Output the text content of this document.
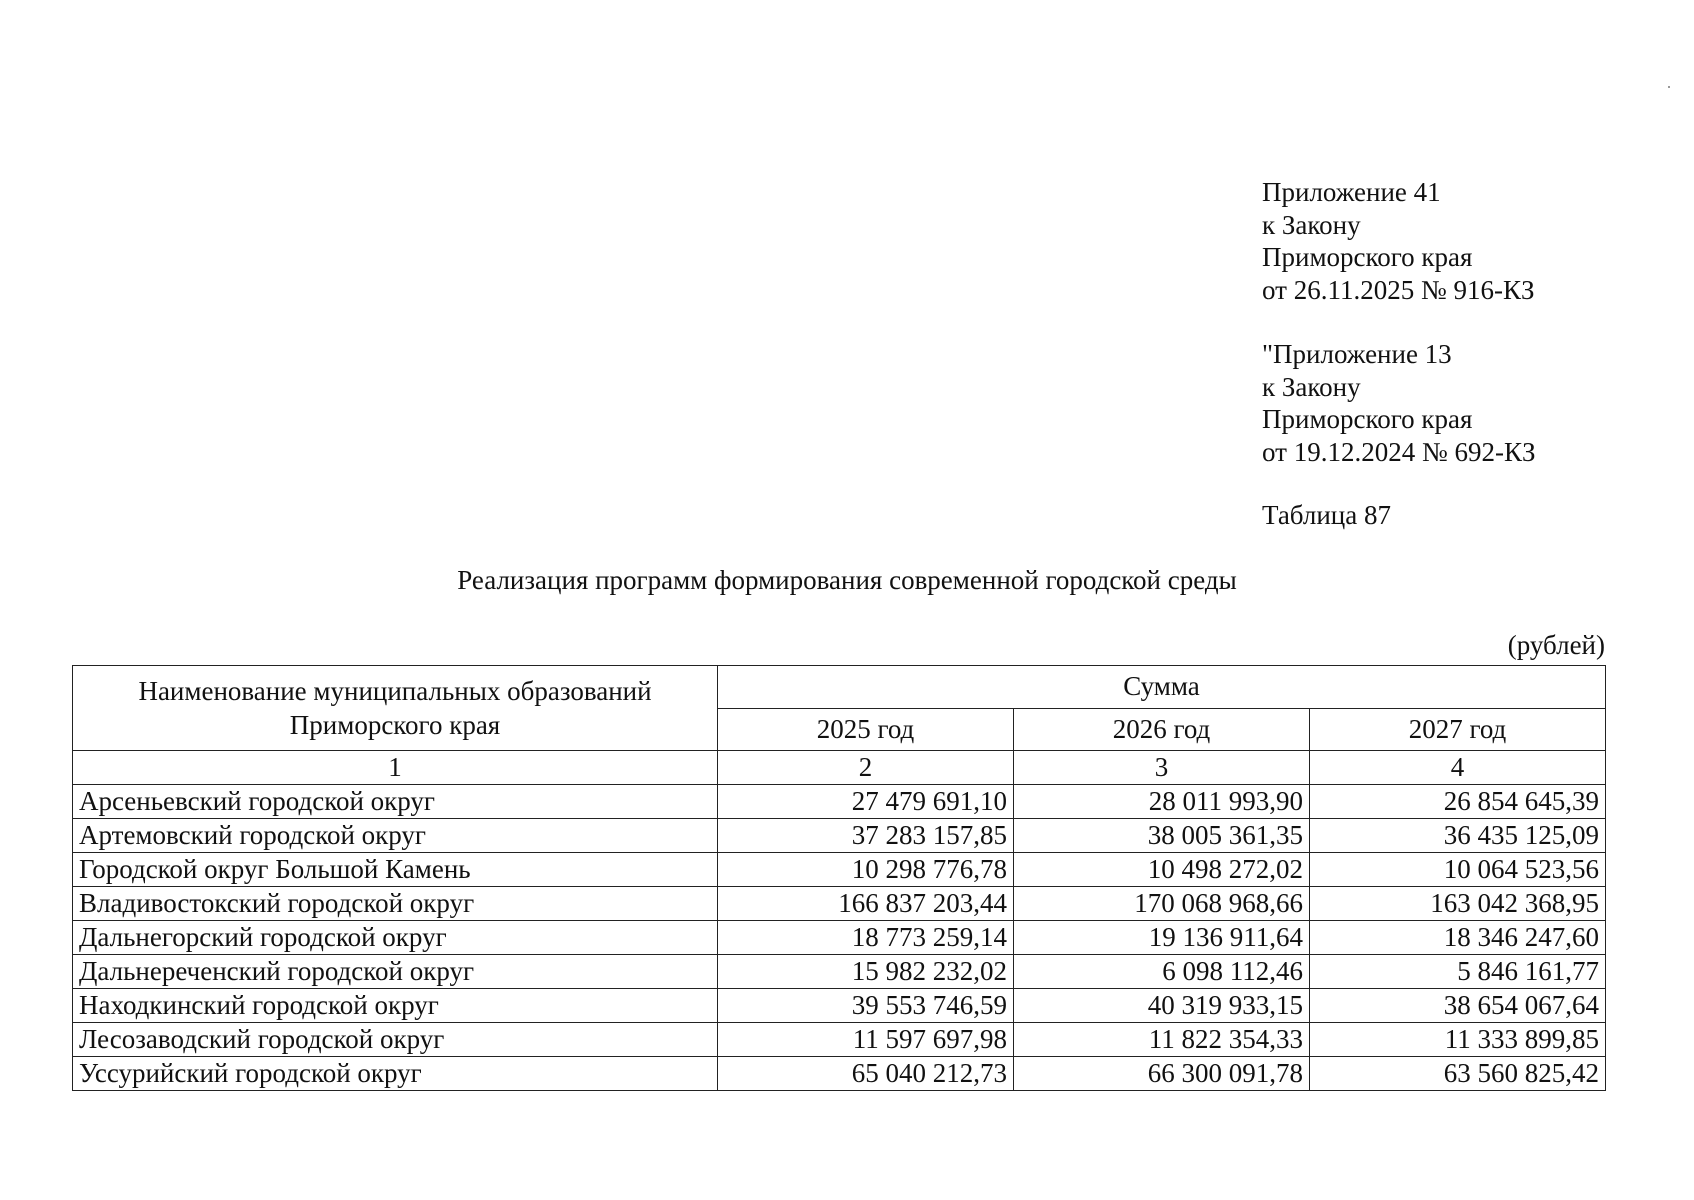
Приложение 41
к Закону
Приморского края
от 26.11.2025 № 916-КЗ
"Приложение 13
к Закону
Приморского края
от 19.12.2024 № 692-КЗ
Таблица 87
Реализация программ формирования современной городской среды
(рублей)
Наименование муниципальных образований Приморского края	Сумма		
	2025 год	2026 год	2027 год
1	2	3	4
Арсеньевский городской округ	27 479 691,10	28 011 993,90	26 854 645,39
Артемовский городской округ	37 283 157,85	38 005 361,35	36 435 125,09
Городской округ Большой Камень	10 298 776,78	10 498 272,02	10 064 523,56
Владивостокский городской округ	166 837 203,44	170 068 968,66	163 042 368,95
Дальнегорский городской округ	18 773 259,14	19 136 911,64	18 346 247,60
Дальнереченский городской округ	15 982 232,02	6 098 112,46	5 846 161,77
Находкинский городской округ	39 553 746,59	40 319 933,15	38 654 067,64
Лесозаводский городской округ	11 597 697,98	11 822 354,33	11 333 899,85
Уссурийский городской округ	65 040 212,73	66 300 091,78	63 560 825,42
